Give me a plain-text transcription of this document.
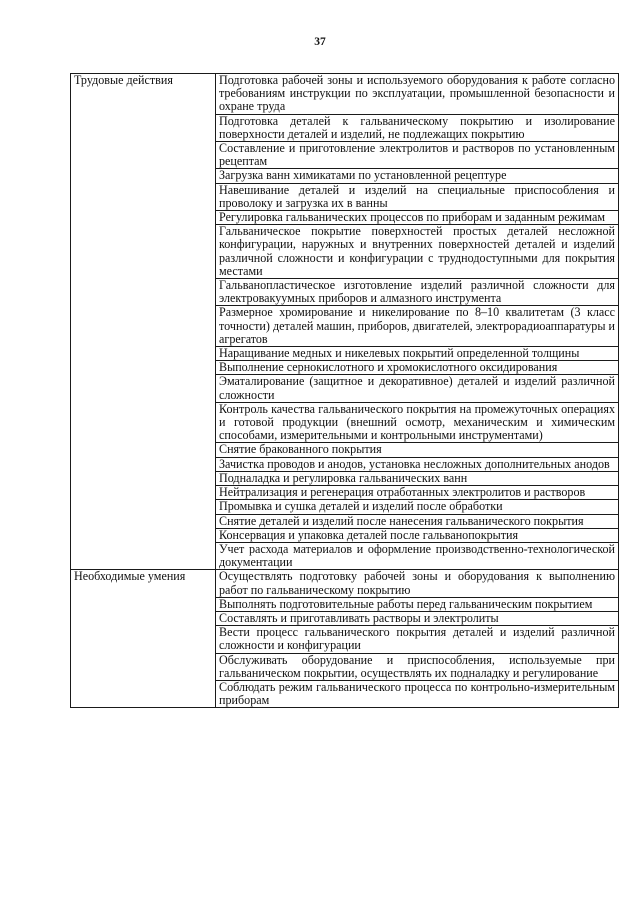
37
Трудовые действия	Подготовка рабочей зоны и используемого оборудования к работе согласно требованиям инструкции по эксплуатации, промышленной безопасности и охране труда
	Подготовка деталей к гальваническому покрытию и изолирование поверхности деталей и изделий, не подлежащих покрытию
	Составление и приготовление электролитов и растворов по установленным рецептам
	Загрузка ванн химикатами по установленной рецептуре
	Навешивание деталей и изделий на специальные приспособления и проволоку и загрузка их в ванны
	Регулировка гальванических процессов по приборам и заданным режимам
	Гальваническое покрытие поверхностей простых деталей несложной конфигурации, наружных и внутренних поверхностей деталей и изделий различной сложности и конфигурации с труднодоступными для покрытия местами
	Гальванопластическое изготовление изделий различной сложности для электровакуумных приборов и алмазного инструмента
	Размерное хромирование и никелирование по 8–10 квалитетам (3 класс точности) деталей машин, приборов, двигателей, электрорадиоаппаратуры и агрегатов
	Наращивание медных и никелевых покрытий определенной толщины
	Выполнение сернокислотного и хромокислотного оксидирования
	Эматалирование (защитное и декоративное) деталей и изделий различной сложности
	Контроль качества гальванического покрытия на промежуточных операциях и готовой продукции (внешний осмотр, механическим и химическим способами, измерительными и контрольными инструментами)
	Снятие бракованного покрытия
	Зачистка проводов и анодов, установка несложных дополнительных анодов
	Подналадка и регулировка гальванических ванн
	Нейтрализация и регенерация отработанных электролитов и растворов
	Промывка и сушка деталей и изделий после обработки
	Снятие деталей и изделий после нанесения гальванического покрытия
	Консервация и упаковка деталей после гальванопокрытия
	Учет расхода материалов и оформление производственно-технологической документации
Необходимые умения	Осуществлять подготовку рабочей зоны и оборудования к выполнению работ по гальваническому покрытию
	Выполнять подготовительные работы перед гальваническим покрытием
	Составлять и приготавливать растворы и электролиты
	Вести процесс гальванического покрытия деталей и изделий различной сложности и конфигурации
	Обслуживать оборудование и приспособления, используемые при гальваническом покрытии, осуществлять их подналадку и регулирование
	Соблюдать режим гальванического процесса по контрольно-измерительным приборам
